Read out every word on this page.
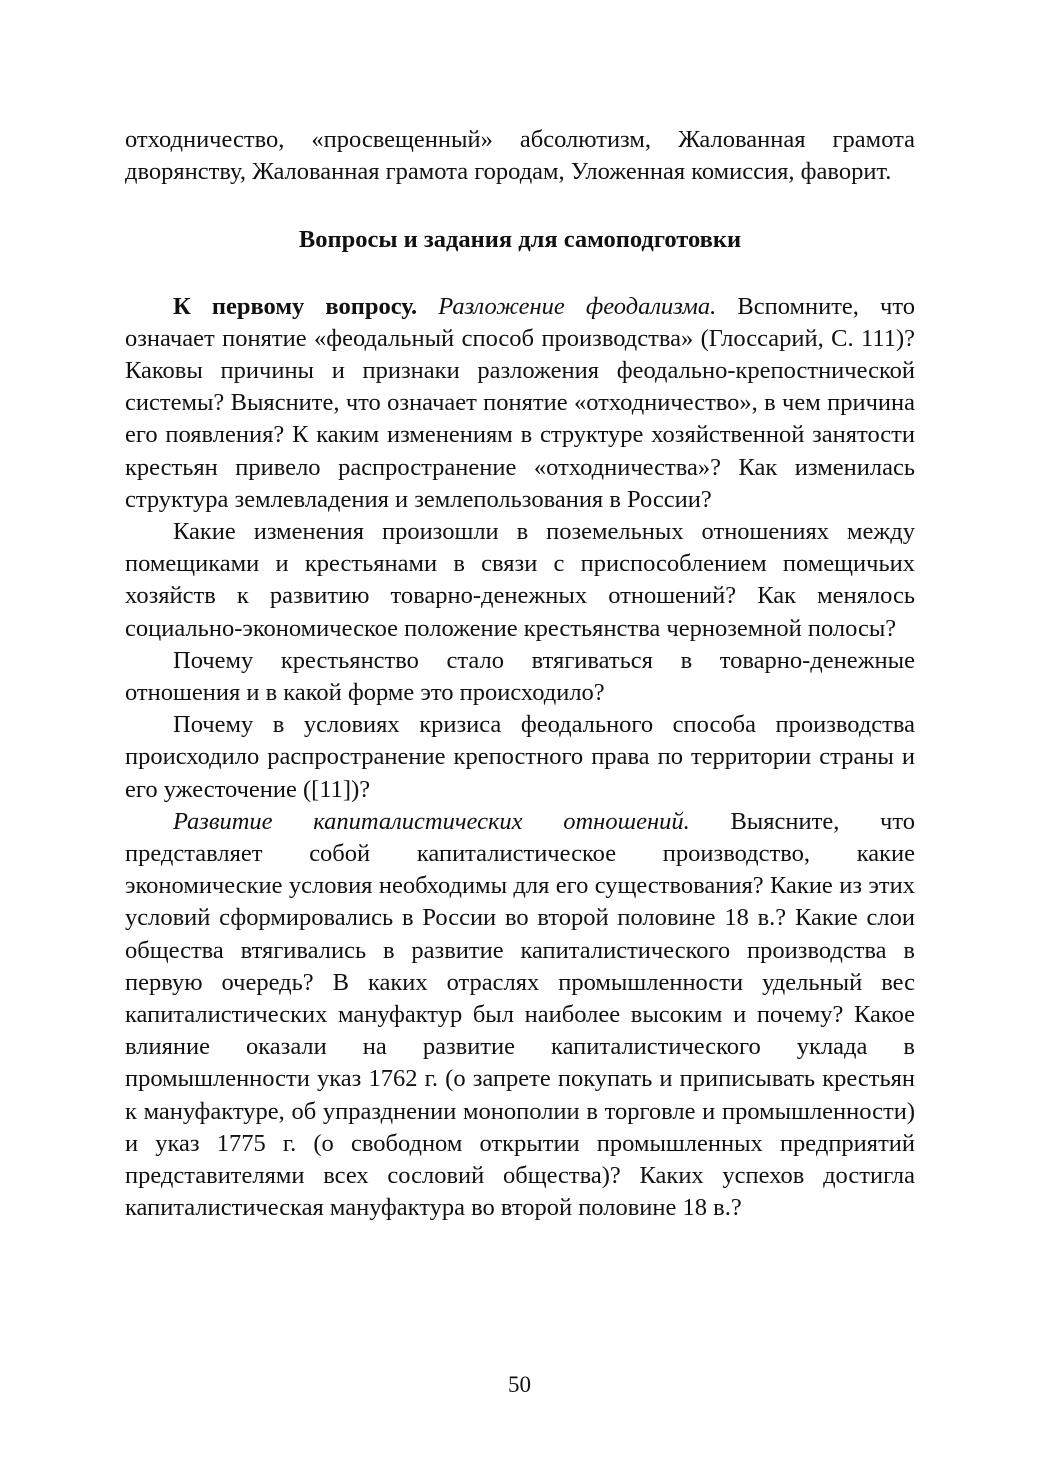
отходничество, «просвещенный» абсолютизм, Жалованная грамота дворянству, Жалованная грамота городам, Уложенная комиссия, фаворит.

Вопросы и задания для самоподготовки

К первому вопросу. Разложение феодализма. Вспомните, что означает понятие «феодальный способ производства» (Глоссарий, С. 111)? Каковы причины и признаки разложения феодально-крепостнической системы? Выясните, что означает понятие «отходничество», в чем причина его появления? К каким изменениям в структуре хозяйственной занятости крестьян привело распространение «отходничества»? Как изменилась структура землевладения и землепользования в России?

Какие изменения произошли в поземельных отношениях между помещиками и крестьянами в связи с приспособлением помещичьих хозяйств к развитию товарно-денежных отношений? Как менялось социально-экономическое положение крестьянства черноземной полосы?

Почему крестьянство стало втягиваться в товарно-денежные отношения и в какой форме это происходило?

Почему в условиях кризиса феодального способа производства происходило распространение крепостного права по территории страны и его ужесточение ([11])?

Развитие капиталистических отношений. Выясните, что представляет собой капиталистическое производство, какие экономические условия необходимы для его существования? Какие из этих условий сформировались в России во второй половине 18 в.? Какие слои общества втягивались в развитие капиталистического производства в первую очередь? В каких отраслях промышленности удельный вес капиталистических мануфактур был наиболее высоким и почему? Какое влияние оказали на развитие капиталистического уклада в промышленности указ 1762 г. (о запрете покупать и приписывать крестьян к мануфактуре, об упразднении монополии в торговле и промышленности) и указ 1775 г. (о свободном открытии промышленных предприятий представителями всех сословий общества)? Каких успехов достигла капиталистическая мануфактура во второй половине 18 в.?

50
